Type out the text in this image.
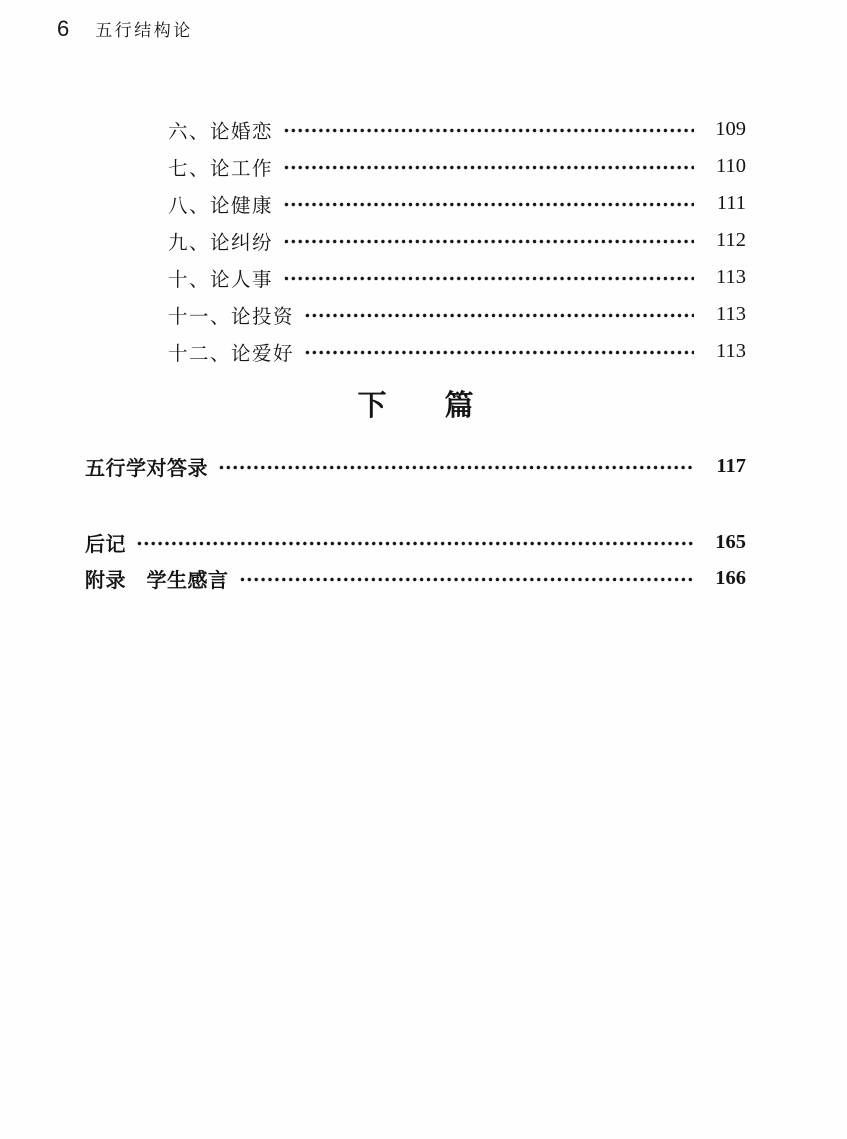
6 五行结构论
六、论婚恋	109
七、论工作	110
八、论健康	111
九、论纠纷	112
十、论人事	113
十一、论投资	113
十二、论爱好	113
下篇
五行学对答录	117
后记	165
附录　学生感言	166
